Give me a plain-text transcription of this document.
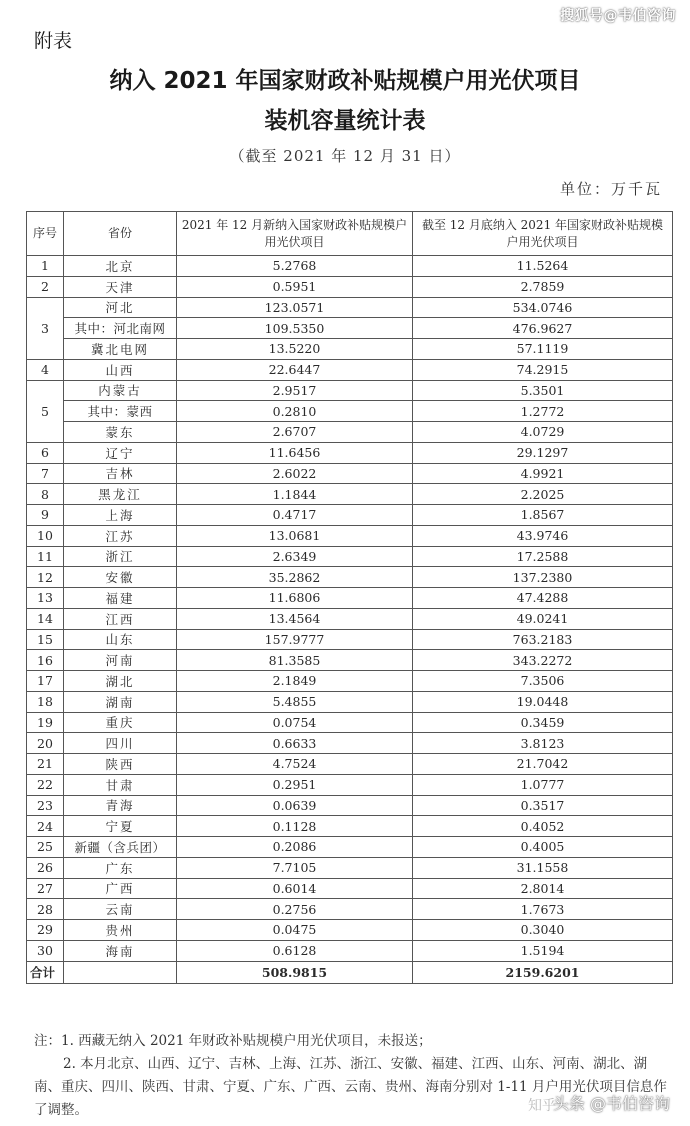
搜狐号@韦伯咨询
附表
纳入 2021 年国家财政补贴规模户用光伏项目
装机容量统计表
（截至 2021 年 12 月 31 日）
单位：万千瓦
序号	省份	2021 年 12 月新纳入国家财政补贴规模户用光伏项目	截至 12 月底纳入 2021 年国家财政补贴规模户用光伏项目
1	北京	5.2768	11.5264
2	天津	0.5951	2.7859
3	河北	123.0571	534.0746
	其中：河北南网	109.5350	476.9627
	冀北电网	13.5220	57.1119
4	山西	22.6447	74.2915
5	内蒙古	2.9517	5.3501
	其中：蒙西	0.2810	1.2772
	蒙东	2.6707	4.0729
6	辽宁	11.6456	29.1297
7	吉林	2.6022	4.9921
8	黑龙江	1.1844	2.2025
9	上海	0.4717	1.8567
10	江苏	13.0681	43.9746
11	浙江	2.6349	17.2588
12	安徽	35.2862	137.2380
13	福建	11.6806	47.4288
14	江西	13.4564	49.0241
15	山东	157.9777	763.2183
16	河南	81.3585	343.2272
17	湖北	2.1849	7.3506
18	湖南	5.4855	19.0448
19	重庆	0.0754	0.3459
20	四川	0.6633	3.8123
21	陕西	4.7524	21.7042
22	甘肃	0.2951	1.0777
23	青海	0.0639	0.3517
24	宁夏	0.1128	0.4052
25	新疆（含兵团）	0.2086	0.4005
26	广东	7.7105	31.1558
27	广西	0.6014	2.8014
28	云南	0.2756	1.7673
29	贵州	0.0475	0.3040
30	海南	0.6128	1.5194
合计		508.9815	2159.6201
注：1. 西藏无纳入 2021 年财政补贴规模户用光伏项目，未报送；
2. 本月北京、山西、辽宁、吉林、上海、江苏、浙江、安徽、福建、江西、山东、河南、湖北、湖南、重庆、四川、陕西、甘肃、宁夏、广东、广西、云南、贵州、海南分别对 1-11 月户用光伏项目信息作了调整。	知乎
头条 @韦伯咨询
